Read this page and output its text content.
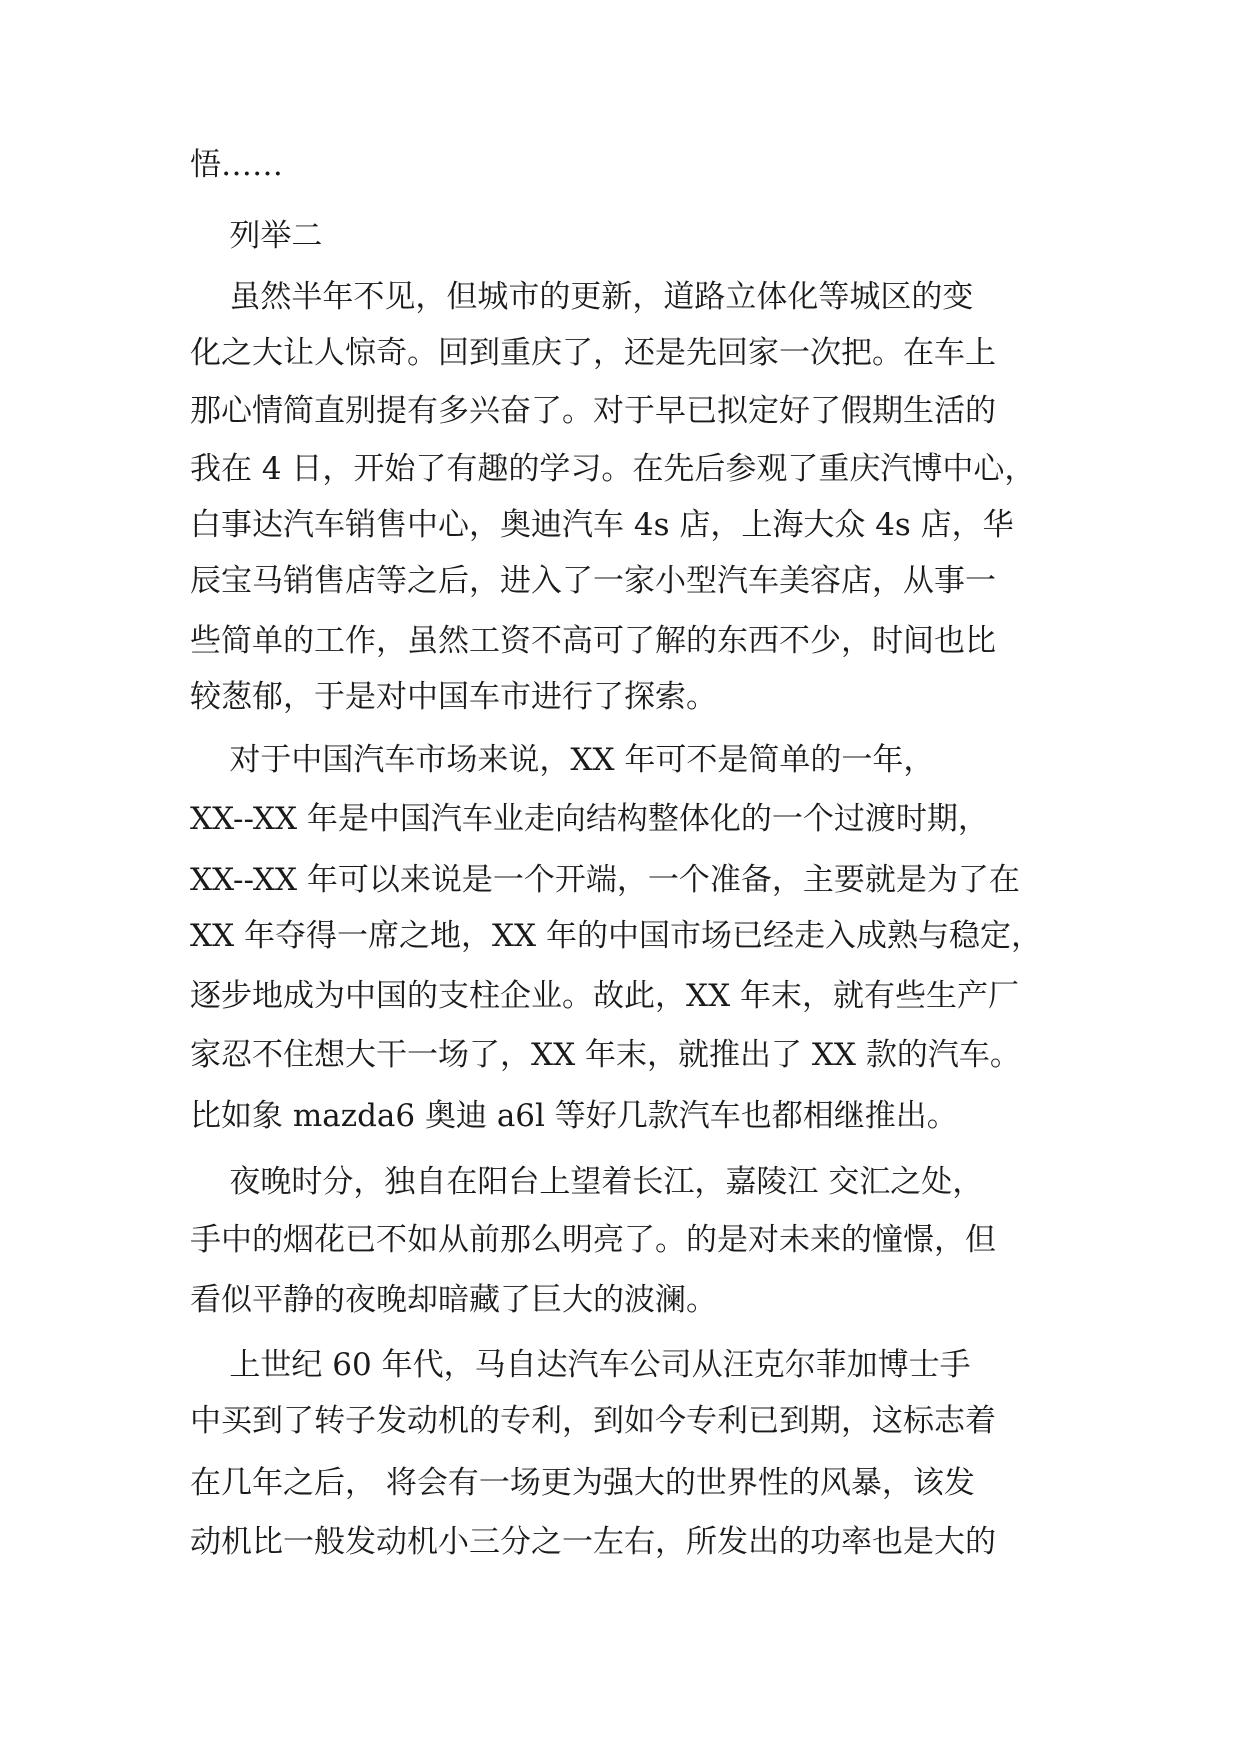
悟……
列举二
虽然半年不见，但城市的更新，道路立体化等城区的变
化之大让人惊奇。回到重庆了，还是先回家一次把。在车上
那心情简直别提有多兴奋了。对于早已拟定好了假期生活的
我在 4 日，开始了有趣的学习。在先后参观了重庆汽博中心，
白事达汽车销售中心，奥迪汽车 4s 店，上海大众 4s 店，华
辰宝马销售店等之后，进入了一家小型汽车美容店，从事一
些简单的工作，虽然工资不高可了解的东西不少，时间也比
较葱郁，于是对中国车市进行了探索。
对于中国汽车市场来说，XX 年可不是简单的一年，
XX--XX 年是中国汽车业走向结构整体化的一个过渡时期，
XX--XX 年可以来说是一个开端，一个准备，主要就是为了在
XX 年夺得一席之地，XX 年的中国市场已经走入成熟与稳定，
逐步地成为中国的支柱企业。故此，XX 年末，就有些生产厂
家忍不住想大干一场了，XX 年末，就推出了 XX 款的汽车。
比如象 mazda6 奥迪 a6l 等好几款汽车也都相继推出。
夜晚时分，独自在阳台上望着长江，嘉陵江 交汇之处，
手中的烟花已不如从前那么明亮了。的是对未来的憧憬，但
看似平静的夜晚却暗藏了巨大的波澜。
上世纪 60 年代，马自达汽车公司从汪克尔菲加博士手
中买到了转子发动机的专利，到如今专利已到期，这标志着
在几年之后， 将会有一场更为强大的世界性的风暴，该发
动机比一般发动机小三分之一左右，所发出的功率也是大的
